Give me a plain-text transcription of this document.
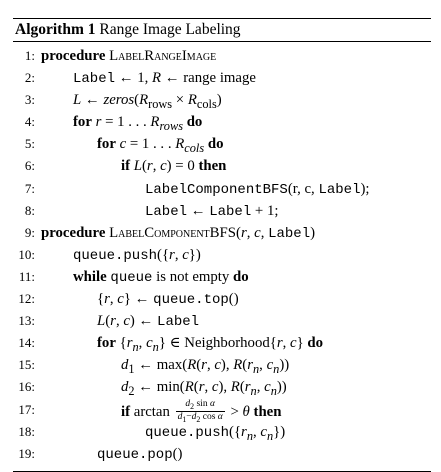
Algorithm 1 Range Image Labeling
1: procedure LabelRangeImage
2:	Label ← 1, R ← range image
3:	L ← $zeros(R_{rows} \times R_{cols})$
4:	for r = 1 . . . $R_{rows}$ do
5:	for c = 1 . . . $R_{cols}$ do
6:	if L(r, c) = 0 then
7:	LabelComponentBFS(r, c, Label);
8:	Label ← Label + 1;
9: procedure LabelComponentBFS(r, c, Label)
10:	queue.push({r, c})
11:	while queue is not empty do
12:	{r, c} ← queue.top()
13:	L(r, c) ← Label
14:	for {$r_n$, $c_n$} ∈ Neighborhood{r, c} do
15:	$d_1$ ← max(R(r, c), $R(r_n$, $c_n$))
16:	$d_2$ ← min(R(r, c), $R(r_n$, $c_n$))
17:	if $\arctan \frac{d_2 \sin \alpha}{d_1-d_2 \cos \alpha} > \theta$ then
18:	$queue.push(\{r_n$, $c_n$})
19:	queue.pop()
